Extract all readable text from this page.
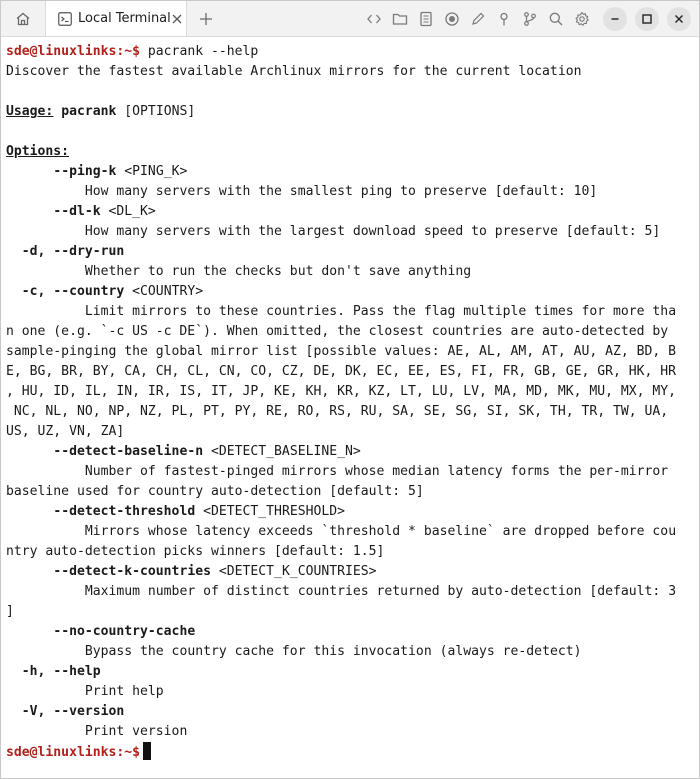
Local Terminal
sde@linuxlinks:~$ pacrank --help
Discover the fastest available Archlinux mirrors for the current location
Usage: pacrank [OPTIONS]
Options:
--ping-k <PING_K>
How many servers with the smallest ping to preserve [default: 10]
--dl-k <DL_K>
How many servers with the largest download speed to preserve [default: 5]
-d, --dry-run
Whether to run the checks but don't save anything
-c, --country <COUNTRY>
Limit mirrors to these countries. Pass the flag multiple times for more tha
n one (e.g. `-c US -c DE`). When omitted, the closest countries are auto-detected by
sample-pinging the global mirror list [possible values: AE, AL, AM, AT, AU, AZ, BD, B
E, BG, BR, BY, CA, CH, CL, CN, CO, CZ, DE, DK, EC, EE, ES, FI, FR, GB, GE, GR, HK, HR
, HU, ID, IL, IN, IR, IS, IT, JP, KE, KH, KR, KZ, LT, LU, LV, MA, MD, MK, MU, MX, MY,
NC, NL, NO, NP, NZ, PL, PT, PY, RE, RO, RS, RU, SA, SE, SG, SI, SK, TH, TR, TW, UA,
US, UZ, VN, ZA]
--detect-baseline-n <DETECT_BASELINE_N>
Number of fastest-pinged mirrors whose median latency forms the per-mirror
baseline used for country auto-detection [default: 5]
--detect-threshold <DETECT_THRESHOLD>
Mirrors whose latency exceeds `threshold * baseline` are dropped before cou
ntry auto-detection picks winners [default: 1.5]
--detect-k-countries <DETECT_K_COUNTRIES>
Maximum number of distinct countries returned by auto-detection [default: 3
]
--no-country-cache
Bypass the country cache for this invocation (always re-detect)
-h, --help
Print help
-V, --version
Print version
sde@linuxlinks:~$
